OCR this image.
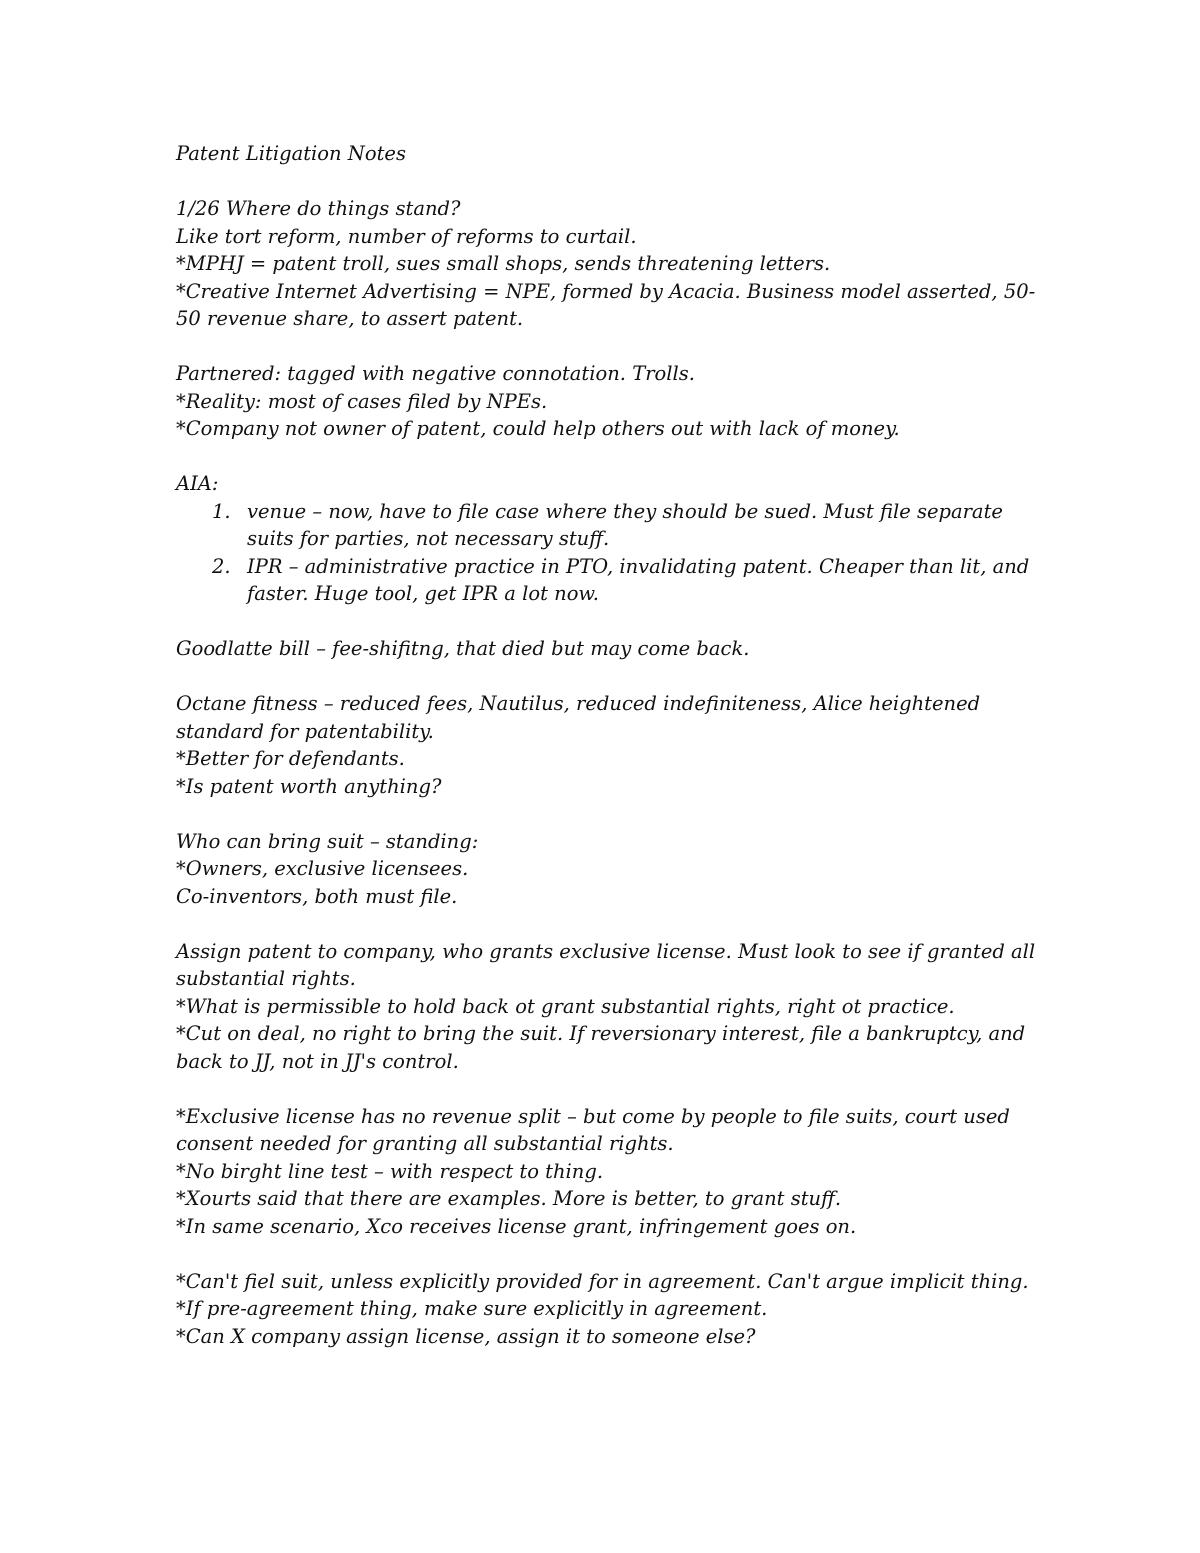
Patent Litigation Notes

1/26 Where do things stand?

Like tort reform, number of reforms to curtail.

*MPHJ = patent troll, sues small shops, sends threatening letters.

*Creative Internet Advertising = NPE, formed by Acacia. Business model asserted, 50-50 revenue share, to assert patent.

Partnered: tagged with negative connotation. Trolls.

*Reality: most of cases filed by NPEs.

*Company not owner of patent, could help others out with lack of money.

AIA:

1. venue – now, have to file case where they should be sued. Must file separate suits for parties, not necessary stuff.
2. IPR – administrative practice in PTO, invalidating patent. Cheaper than lit, and faster. Huge tool, get IPR a lot now.

Goodlatte bill – fee-shifitng, that died but may come back.

Octane fitness – reduced fees, Nautilus, reduced indefiniteness, Alice heightened standard for patentability.

*Better for defendants.

*Is patent worth anything?

Who can bring suit – standing:

*Owners, exclusive licensees.

Co-inventors, both must file.

Assign patent to company, who grants exclusive license. Must look to see if granted all substantial rights.

*What is permissible to hold back ot grant substantial rights, right ot practice.

*Cut on deal, no right to bring the suit. If reversionary interest, file a bankruptcy, and back to JJ, not in JJ's control.

*Exclusive license has no revenue split – but come by people to file suits, court used consent needed for granting all substantial rights.

*No birght line test – with respect to thing.

*Xourts said that there are examples. More is better, to grant stuff.

*In same scenario, Xco receives license grant, infringement goes on.

*Can't fiel suit, unless explicitly provided for in agreement. Can't argue implicit thing.

*If pre-agreement thing, make sure explicitly in agreement.

*Can X company assign license, assign it to someone else?
